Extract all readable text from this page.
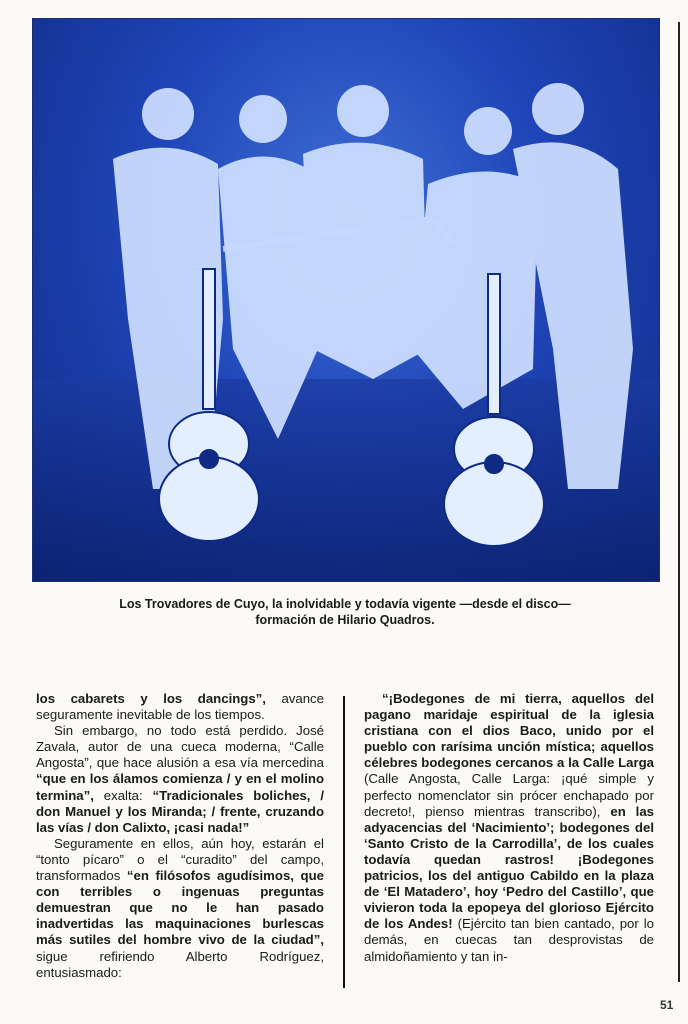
Los Trovadores de Cuyo, la inolvidable y todavía vigente —desde el disco— formación de Hilario Quadros.

los cabarets y los dancings”, avance seguramente inevitable de los tiempos.

Sin embargo, no todo está perdido. José Zavala, autor de una cueca moderna, “Calle Angosta”, que hace alusión a esa vía mercedina “que en los álamos comienza / y en el molino termina”, exalta: “Tradicionales boliches, / don Manuel y los Miranda; / frente, cruzando las vías / don Calixto, ¡casi nada!”

Seguramente en ellos, aún hoy, estarán el “tonto pícaro” o el “curadito” del campo, transformados “en filósofos agudísimos, que con terribles o ingenuas preguntas demuestran que no le han pasado inadvertidas las maquinaciones burlescas más sutiles del hombre vivo de la ciudad”, sigue refiriendo Alberto Rodríguez, entusiasmado:

“¡Bodegones de mi tierra, aquellos del pagano maridaje espiritual de la iglesia cristiana con el dios Baco, unido por el pueblo con rarísima unción mística; aquellos célebres bodegones cercanos a la Calle Larga (Calle Angosta, Calle Larga: ¡qué simple y perfecto nomenclator sin prócer enchapado por decreto!, pienso mientras transcribo), en las adyacencias del ‘Nacimiento’; bodegones del ‘Santo Cristo de la Carrodilla’, de los cuales todavía quedan rastros! ¡Bodegones patricios, los del antiguo Cabildo en la plaza de ‘El Matadero’, hoy ‘Pedro del Castillo’, que vivieron toda la epopeya del glorioso Ejército de los Andes! (Ejército tan bien cantado, por lo demás, en cuecas tan desprovistas de almidoñamiento y tan in-

51
